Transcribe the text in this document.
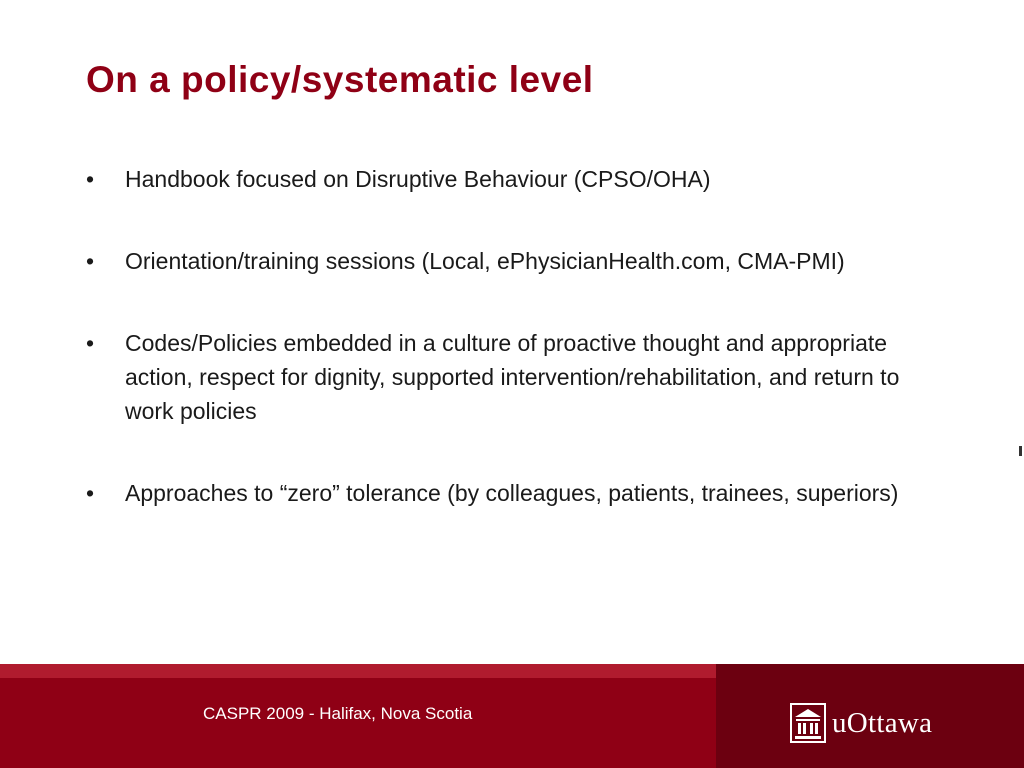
On a policy/systematic level
• Handbook focused on Disruptive Behaviour (CPSO/OHA)
• Orientation/training sessions (Local, ePhysicianHealth.com, CMA-PMI)
• Codes/Policies embedded in a culture of proactive thought and appropriate action, respect for dignity, supported intervention/rehabilitation, and return to work policies
• Approaches to “zero” tolerance (by colleagues, patients, trainees, superiors)
CASPR 2009 - Halifax, Nova Scotia	uOttawa
